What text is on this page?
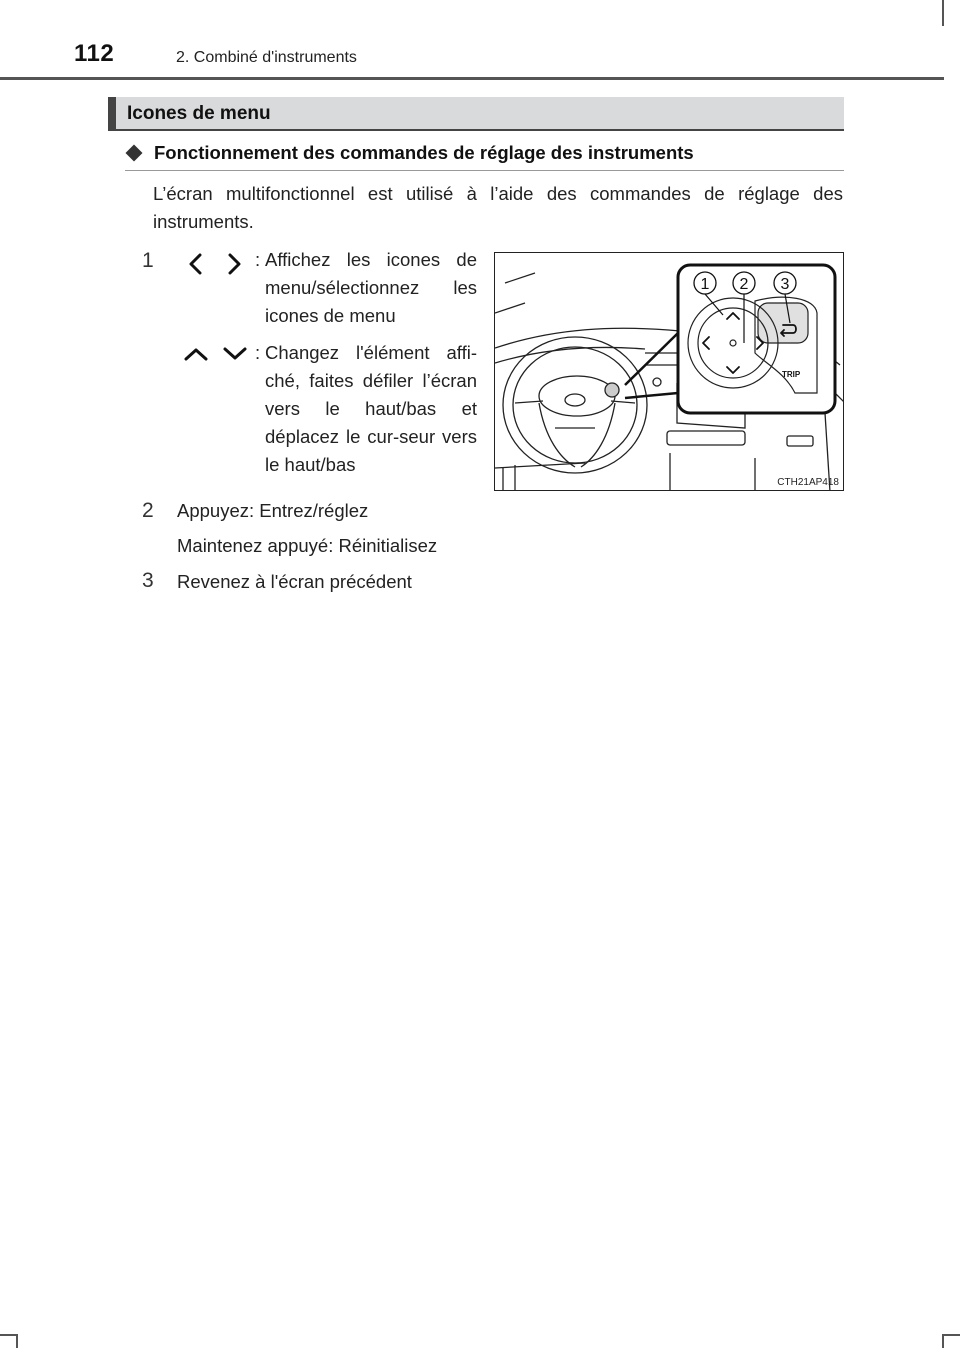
112	2. Combiné d'instruments
Icones de menu
Fonctionnement des commandes de réglage des instruments
L’écran multifonctionnel est utilisé à l’aide des commandes de réglage des instruments.
1	: Affichez les icones de menu/sélectionnez les icones de menu
: Changez l'élément affi-ché, faites défiler l’écran vers le haut/bas et déplacez le cur-seur vers le haut/bas
2 Appuyez: Entrez/réglez
Maintenez appuyé: Réinitialisez
3 Revenez à l'écran précédent
TRIP
1 2 3
CTH21AP418
